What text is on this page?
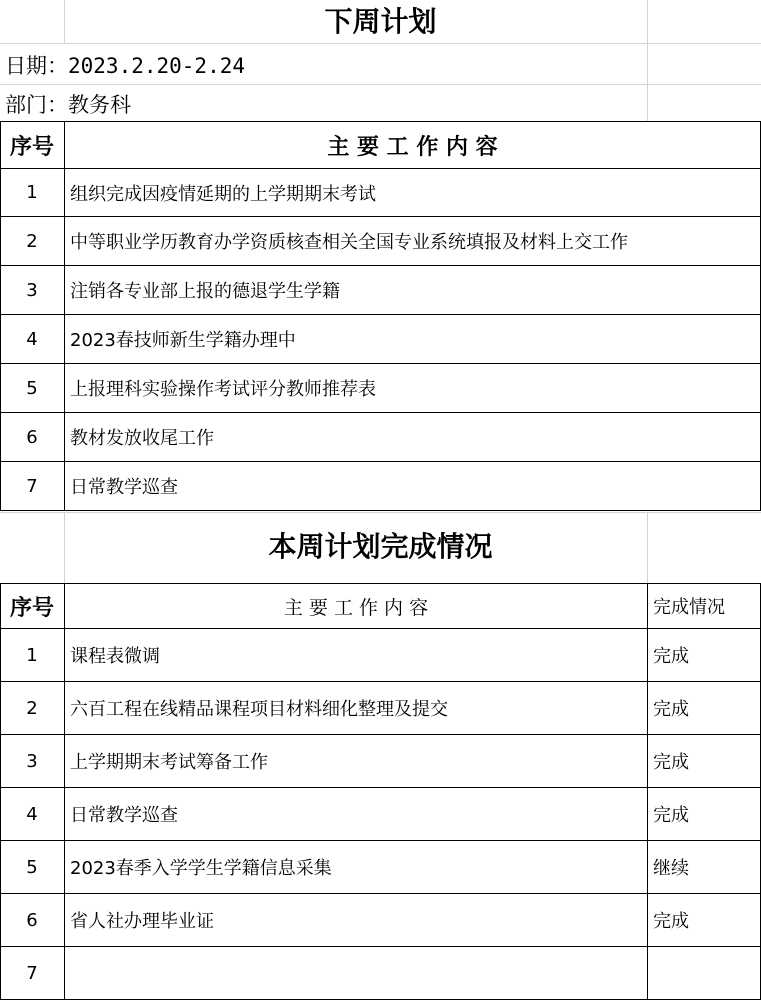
下周计划
日期：2023.2.20-2.24
部门：教务科
序号	主 要 工 作 内 容
1	组织完成因疫情延期的上学期期末考试
2	中等职业学历教育办学资质核查相关全国专业系统填报及材料上交工作
3	注销各专业部上报的德退学生学籍
4	2023春技师新生学籍办理中
5	上报理科实验操作考试评分教师推荐表
6	教材发放收尾工作
7	日常教学巡查
本周计划完成情况
序号	主 要 工 作 内 容	完成情况
1	课程表微调	完成
2	六百工程在线精品课程项目材料细化整理及提交	完成
3	上学期期末考试筹备工作	完成
4	日常教学巡查	完成
5	2023春季入学学生学籍信息采集	继续
6	省人社办理毕业证	完成
7
